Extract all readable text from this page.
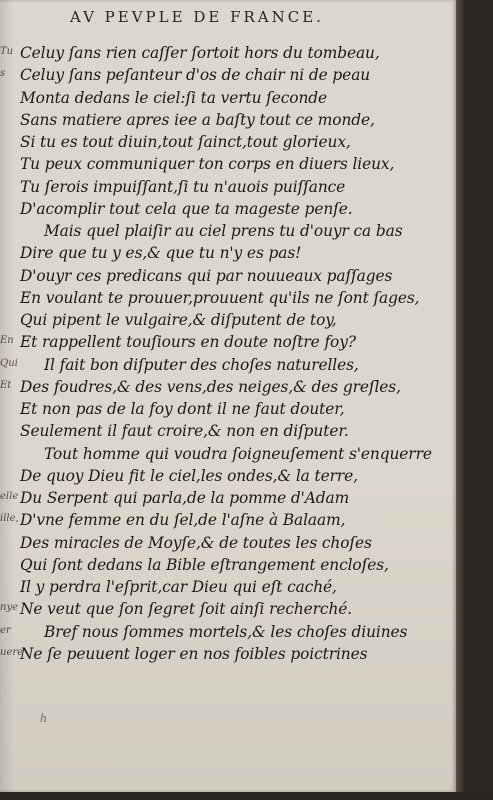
AV PEVPLE DE FRANCE.
Tu
s
En
Qui
Et
elle
ille,
nye
er
uere
Celuy ſans rien caſſer ſortoit hors du tombeau,
Celuy ſans peſanteur d'os de chair ni de peau
Monta dedans le ciel:ſi ta vertu ſeconde
Sans matiere apres iee a baſty tout ce monde,
Si tu es tout diuin,tout ſainct,tout glorieux,
Tu peux communiquer ton corps en diuers lieux,
Tu ſerois impuiſſant,ſi tu n'auois puiſſance
D'acomplir tout cela que ta mageste penſe.
Mais quel plaiſir au ciel prens tu d'ouyr ca bas
Dire que tu y es,& que tu n'y es pas!
D'ouyr ces predicans qui par nouueaux paſſages
En voulant te prouuer,prouuent qu'ils ne ſont ſages,
Qui pipent le vulgaire,& diſputent de toy,
Et rappellent touſiours en doute noſtre foy?
Il fait bon diſputer des choſes naturelles,
Des foudres,& des vens,des neiges,& des greſles,
Et non pas de la foy dont il ne faut douter,
Seulement il faut croire,& non en diſputer.
Tout homme qui voudra ſoigneuſement s'enquerre
De quoy Dieu fit le ciel,les ondes,& la terre,
Du Serpent qui parla,de la pomme d'Adam
D'vne femme en du ſel,de l'aſne à Balaam,
Des miracles de Moyſe,& de toutes les choſes
Qui ſont dedans la Bible eſtrangement encloſes,
Il y perdra l'eſprit,car Dieu qui eſt caché,
Ne veut que ſon ſegret ſoit ainſi recherché.
Bref nous ſommes mortels,& les choſes diuines
Ne ſe peuuent loger en nos foibles poictrines
h
